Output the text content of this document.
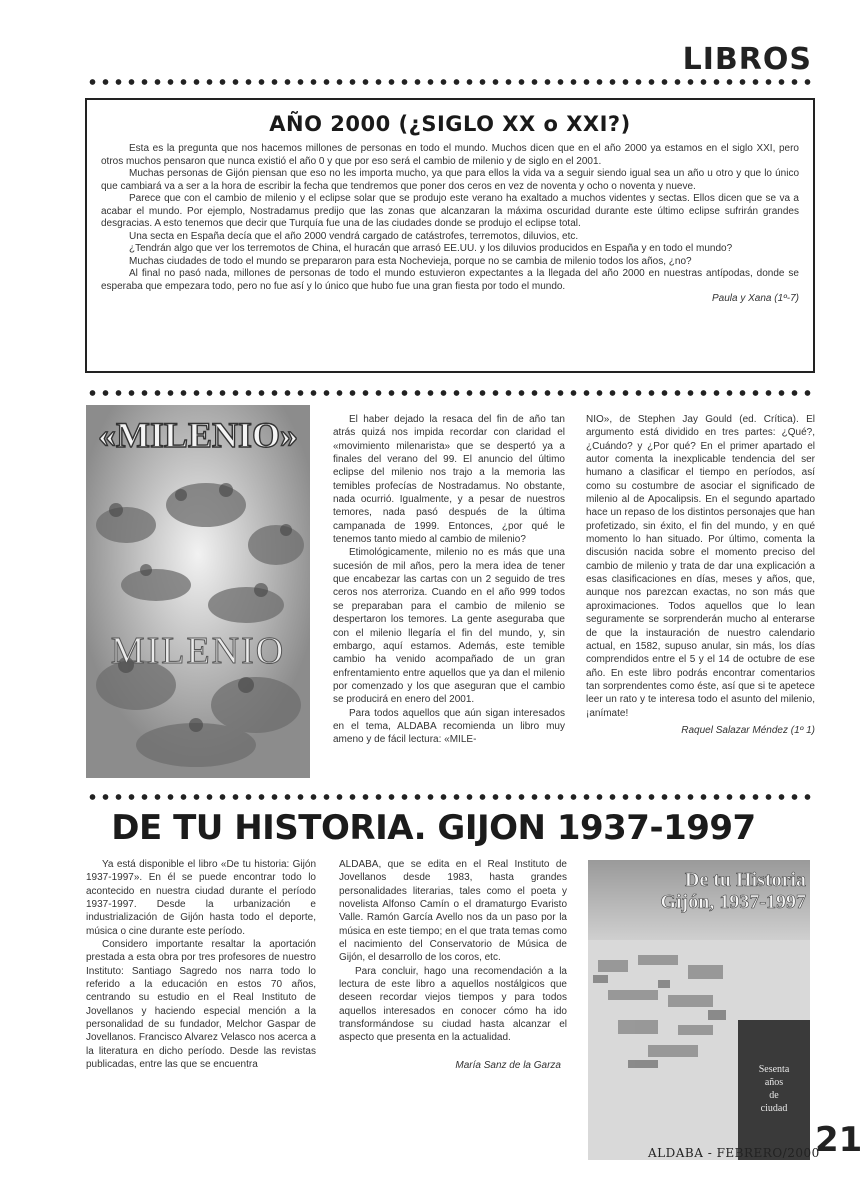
LIBROS
AÑO 2000 (¿SIGLO XX o XXI?)

Esta es la pregunta que nos hacemos millones de personas en todo el mundo. Muchos dicen que en el año 2000 ya estamos en el siglo XXI, pero otros muchos pensaron que nunca existió el año 0 y que por eso será el cambio de milenio y de siglo en el 2001.

Muchas personas de Gijón piensan que eso no les importa mucho, ya que para ellos la vida va a seguir siendo igual sea un año u otro y que lo único que cambiará va a ser a la hora de escribir la fecha que tendremos que poner dos ceros en vez de noventa y ocho o noventa y nueve.

Parece que con el cambio de milenio y el eclipse solar que se produjo este verano ha exaltado a muchos videntes y sectas. Ellos dicen que se va a acabar el mundo. Por ejemplo, Nostradamus predijo que las zonas que alcanzaran la máxima oscuridad durante este último eclipse sufrirán grandes desgracias. A esto tenemos que decir que Turquía fue una de las ciudades donde se produjo el eclipse total.

Una secta en España decía que el año 2000 vendrá cargado de catástrofes, terremotos, diluvios, etc.

¿Tendrán algo que ver los terremotos de China, el huracán que arrasó EE.UU. y los diluvios producidos en España y en todo el mundo?

Muchas ciudades de todo el mundo se prepararon para esta Nochevieja, porque no se cambia de milenio todos los años, ¿no?

Al final no pasó nada, millones de personas de todo el mundo estuvieron expectantes a la llegada del año 2000 en nuestras antípodas, donde se esperaba que empezara todo, pero no fue así y lo único que hubo fue una gran fiesta por todo el mundo.

Paula y Xana (1º-7)
«MILENIO»
MILENIO

El haber dejado la resaca del fin de año tan atrás quizá nos impida recordar con claridad el «movimiento milenarista» que se despertó ya a finales del verano del 99. El anuncio del último eclipse del milenio nos trajo a la memoria las temibles profecías de Nostradamus. No obstante, nada ocurrió. Igualmente, y a pesar de nuestros temores, nada pasó después de la última campanada de 1999. Entonces, ¿por qué le tenemos tanto miedo al cambio de milenio?

Etimológicamente, milenio no es más que una sucesión de mil años, pero la mera idea de tener que encabezar las cartas con un 2 seguido de tres ceros nos aterroriza. Cuando en el año 999 todos se preparaban para el cambio de milenio se despertaron los temores. La gente aseguraba que con el milenio llegaría el fin del mundo, y, sin embargo, aquí estamos. Además, este temible cambio ha venido acompañado de un gran enfrentamiento entre aquellos que ya dan el milenio por comenzado y los que aseguran que el cambio se producirá en enero del 2001.

Para todos aquellos que aún sigan interesados en el tema, ALDABA recomienda un libro muy ameno y de fácil lectura: «MILE-

NIO», de Stephen Jay Gould (ed. Crítica). El argumento está dividido en tres partes: ¿Qué?, ¿Cuándo? y ¿Por qué? En el primer apartado el autor comenta la inexplicable tendencia del ser humano a clasificar el tiempo en períodos, así como su costumbre de asociar el significado de milenio al de Apocalipsis. En el segundo apartado hace un repaso de los distintos personajes que han profetizado, sin éxito, el fin del mundo, y en qué momento lo han situado. Por último, comenta la discusión nacida sobre el momento preciso del cambio de milenio y trata de dar una explicación a esas clasificaciones en días, meses y años, que, aunque nos parezcan exactas, no son más que aproximaciones. Todos aquellos que lo lean seguramente se sorprenderán mucho al enterarse de que la instauración de nuestro calendario actual, en 1582, supuso anular, sin más, los días comprendidos entre el 5 y el 14 de octubre de ese año. En este libro podrás encontrar comentarios tan sorprendentes como éste, así que si te apetece leer un rato y te interesa todo el asunto del milenio, ¡anímate!

Raquel Salazar Méndez (1º 1)
DE TU HISTORIA. GIJON 1937-1997

Ya está disponible el libro «De tu historia: Gijón 1937-1997». En él se puede encontrar todo lo acontecido en nuestra ciudad durante el período 1937-1997. Desde la urbanización e industrialización de Gijón hasta todo el deporte, música o cine durante este período.

Considero importante resaltar la aportación prestada a esta obra por tres profesores de nuestro Instituto: Santiago Sagredo nos narra todo lo referido a la educación en estos 70 años, centrando su estudio en el Real Instituto de Jovellanos y haciendo especial mención a la personalidad de su fundador, Melchor Gaspar de Jovellanos. Francisco Alvarez Velasco nos acerca a la literatura en dicho período. Desde las revistas publicadas, entre las que se encuentra

ALDABA, que se edita en el Real Instituto de Jovellanos desde 1983, hasta grandes personalidades literarias, tales como el poeta y novelista Alfonso Camín o el dramaturgo Evaristo Valle. Ramón García Avello nos da un paso por la música en este tiempo; en el que trata temas como el nacimiento del Conservatorio de Música de Gijón, el desarrollo de los coros, etc.

Para concluir, hago una recomendación a la lectura de este libro a aquellos nostálgicos que deseen recordar viejos tiempos y para todos aquellos interesados en conocer cómo ha ido transformándose su ciudad hasta alcanzar el aspecto que presenta en la actualidad.

María Sanz de la Garza
De tu Historia
Gijón, 1937-1997
Sesenta
años
de
ciudad
ALDABA - FEBRERO/2000
21
